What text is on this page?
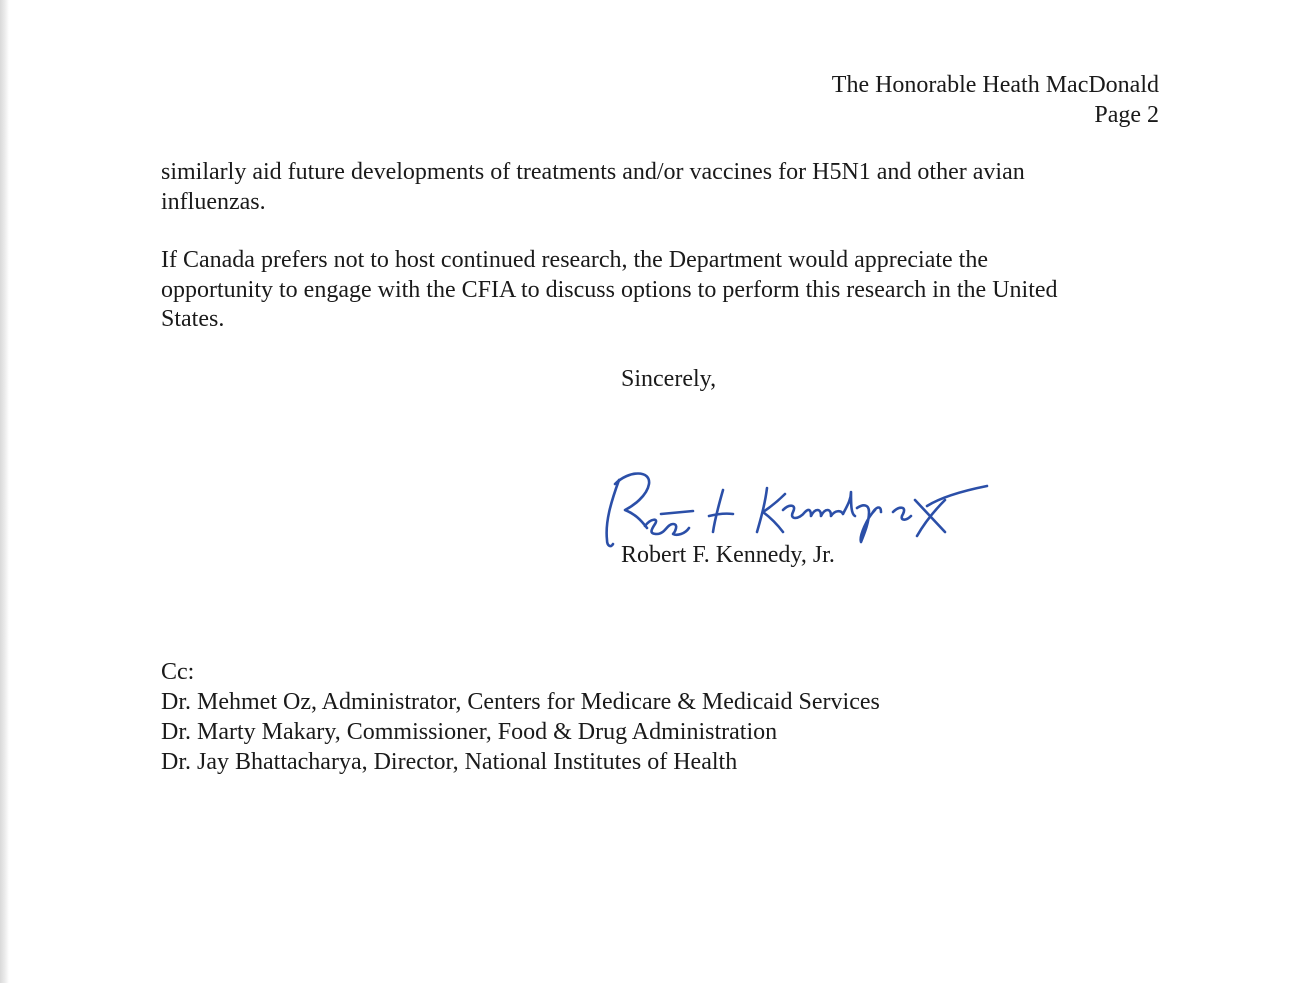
The Honorable Heath MacDonald
Page 2
similarly aid future developments of treatments and/or vaccines for H5N1 and other avian
influenzas.
If Canada prefers not to host continued research, the Department would appreciate the
opportunity to engage with the CFIA to discuss options to perform this research in the United
States.
Sincerely,
Robert F. Kennedy, Jr.
Cc:
Dr. Mehmet Oz, Administrator, Centers for Medicare & Medicaid Services
Dr. Marty Makary, Commissioner, Food & Drug Administration
Dr. Jay Bhattacharya, Director, National Institutes of Health
